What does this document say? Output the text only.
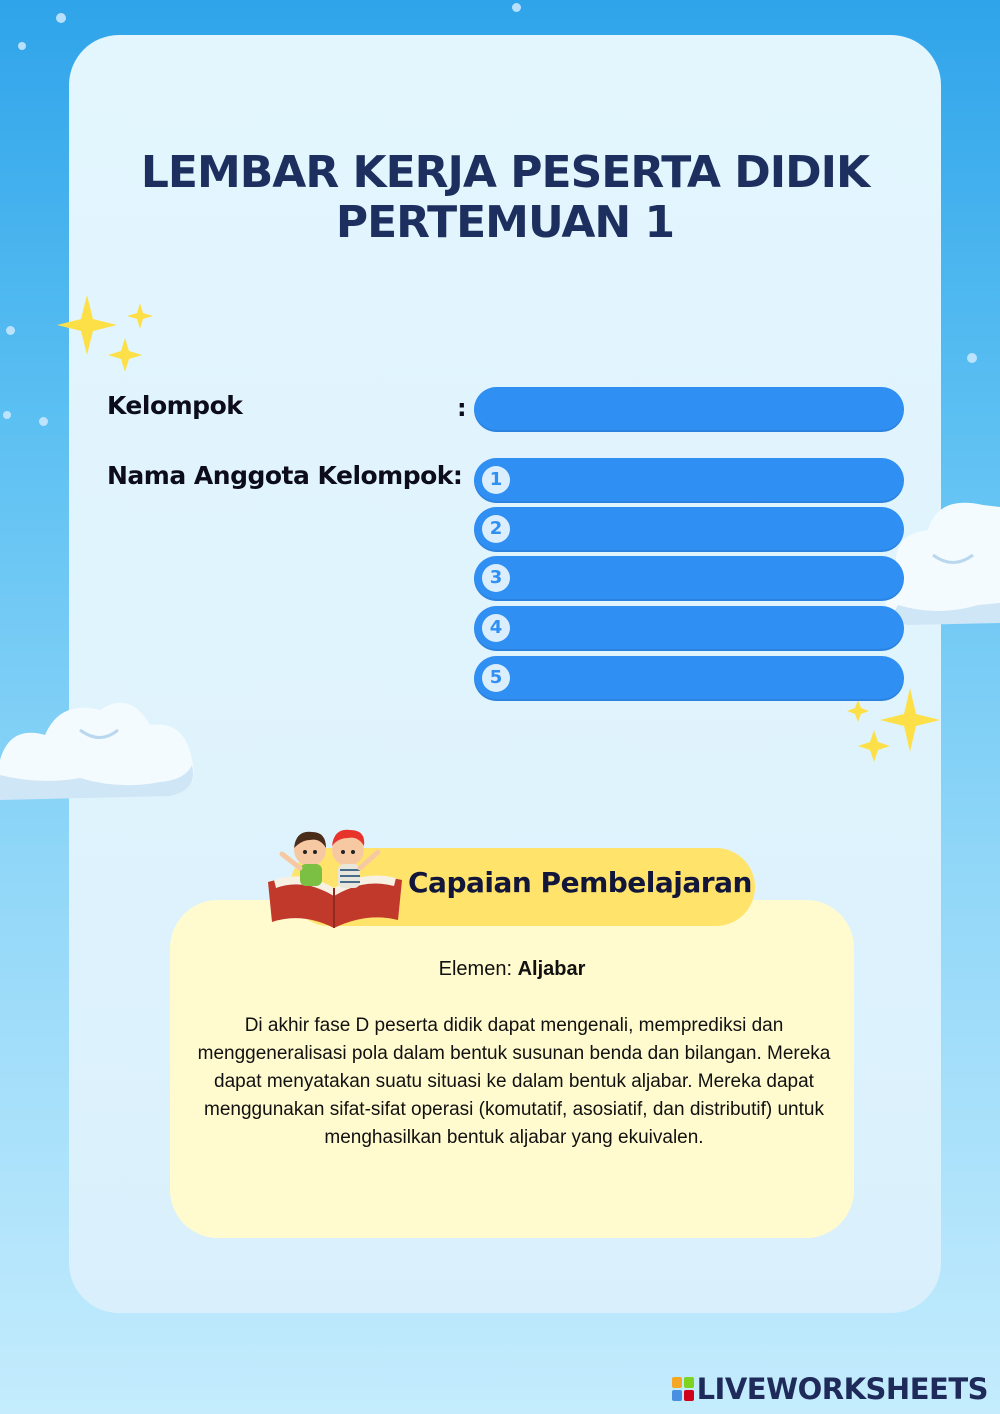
LEMBAR KERJA PESERTA DIDIK
PERTEMUAN 1
Kelompok	:
Nama Anggota Kelompok:	1
2
3
4
5
Capaian Pembelajaran
Elemen: Aljabar
Di akhir fase D peserta didik dapat mengenali, memprediksi dan menggeneralisasi pola dalam bentuk susunan benda dan bilangan. Mereka dapat menyatakan suatu situasi ke dalam bentuk aljabar. Mereka dapat menggunakan sifat-sifat operasi (komutatif, asosiatif, dan distributif) untuk menghasilkan bentuk aljabar yang ekuivalen.
LIVEWORKSHEETS
